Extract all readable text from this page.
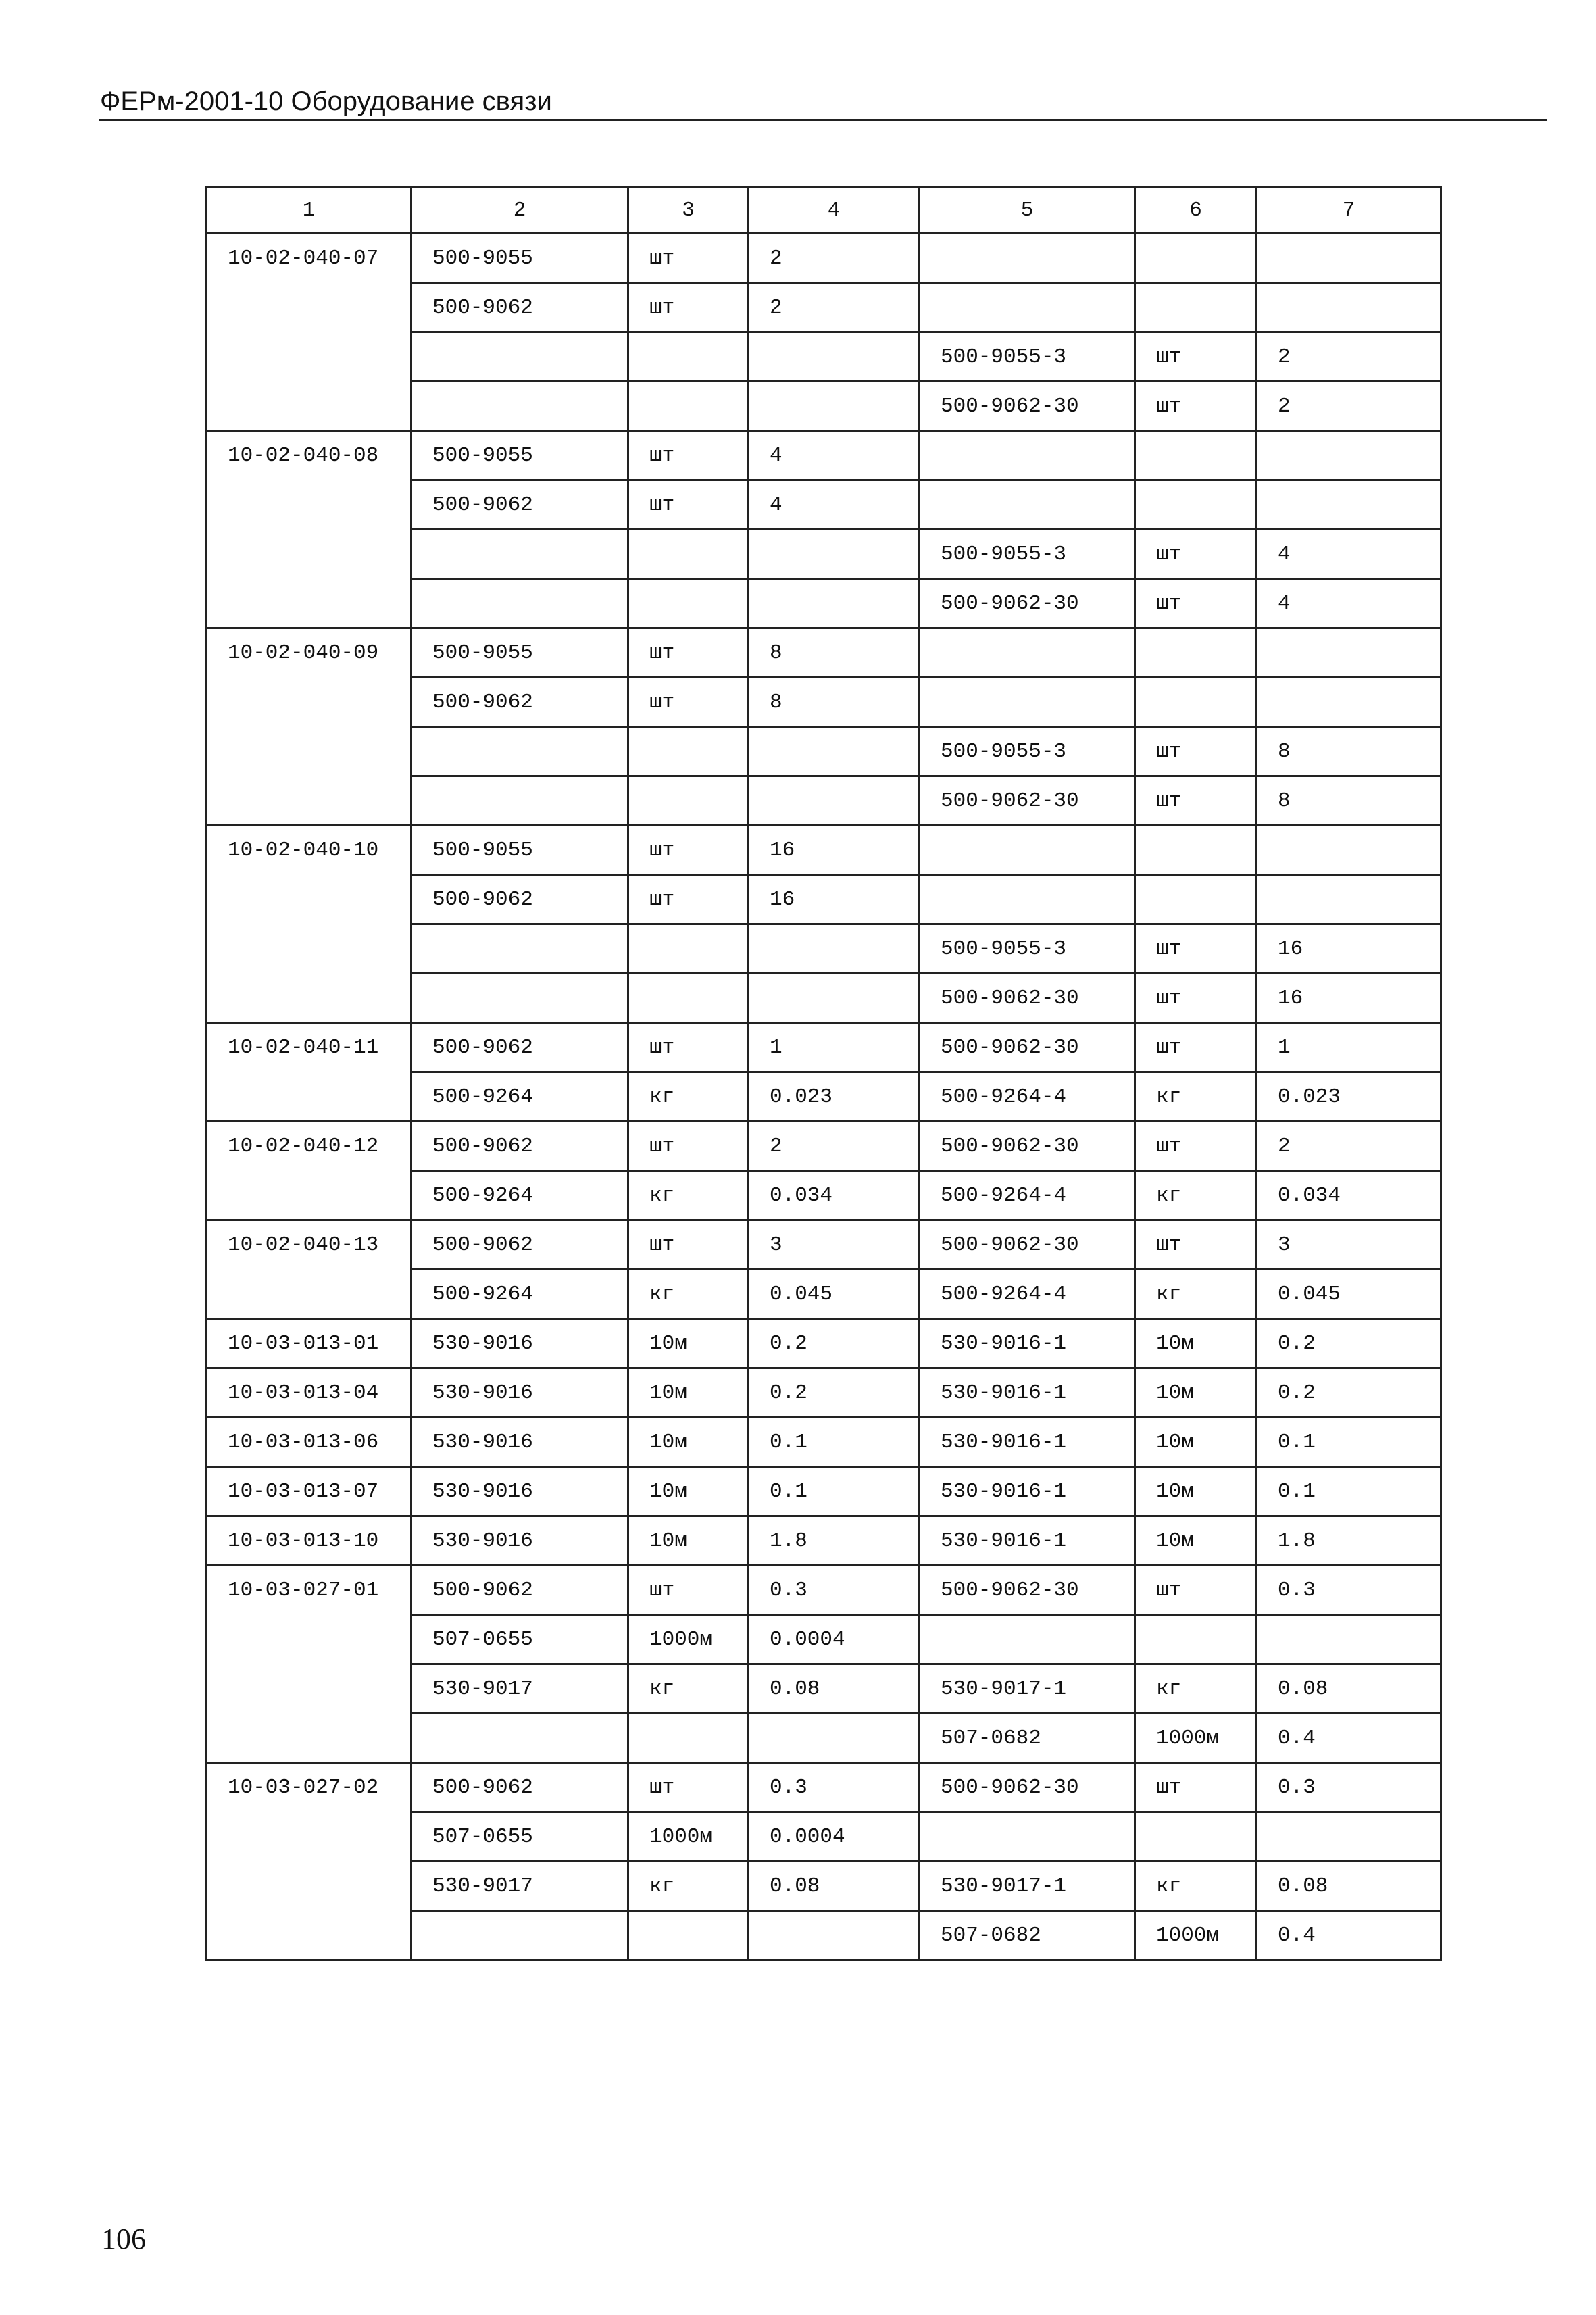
ФЕРм-2001-10 Оборудование связи
1	2	3	4	5	6	7
10-02-040-07	500-9055	шт	2			
	500-9062	шт	2			
				500-9055-3	шт	2
				500-9062-30	шт	2
10-02-040-08	500-9055	шт	4			
	500-9062	шт	4			
				500-9055-3	шт	4
				500-9062-30	шт	4
10-02-040-09	500-9055	шт	8			
	500-9062	шт	8			
				500-9055-3	шт	8
				500-9062-30	шт	8
10-02-040-10	500-9055	шт	16			
	500-9062	шт	16			
				500-9055-3	шт	16
				500-9062-30	шт	16
10-02-040-11	500-9062	шт	1	500-9062-30	шт	1
	500-9264	кг	0.023	500-9264-4	кг	0.023
10-02-040-12	500-9062	шт	2	500-9062-30	шт	2
	500-9264	кг	0.034	500-9264-4	кг	0.034
10-02-040-13	500-9062	шт	3	500-9062-30	шт	3
	500-9264	кг	0.045	500-9264-4	кг	0.045
10-03-013-01	530-9016	10м	0.2	530-9016-1	10м	0.2
10-03-013-04	530-9016	10м	0.2	530-9016-1	10м	0.2
10-03-013-06	530-9016	10м	0.1	530-9016-1	10м	0.1
10-03-013-07	530-9016	10м	0.1	530-9016-1	10м	0.1
10-03-013-10	530-9016	10м	1.8	530-9016-1	10м	1.8
10-03-027-01	500-9062	шт	0.3	500-9062-30	шт	0.3
	507-0655	1000м	0.0004			
	530-9017	кг	0.08	530-9017-1	кг	0.08
				507-0682	1000м	0.4
10-03-027-02	500-9062	шт	0.3	500-9062-30	шт	0.3
	507-0655	1000м	0.0004			
	530-9017	кг	0.08	530-9017-1	кг	0.08
				507-0682	1000м	0.4
106
